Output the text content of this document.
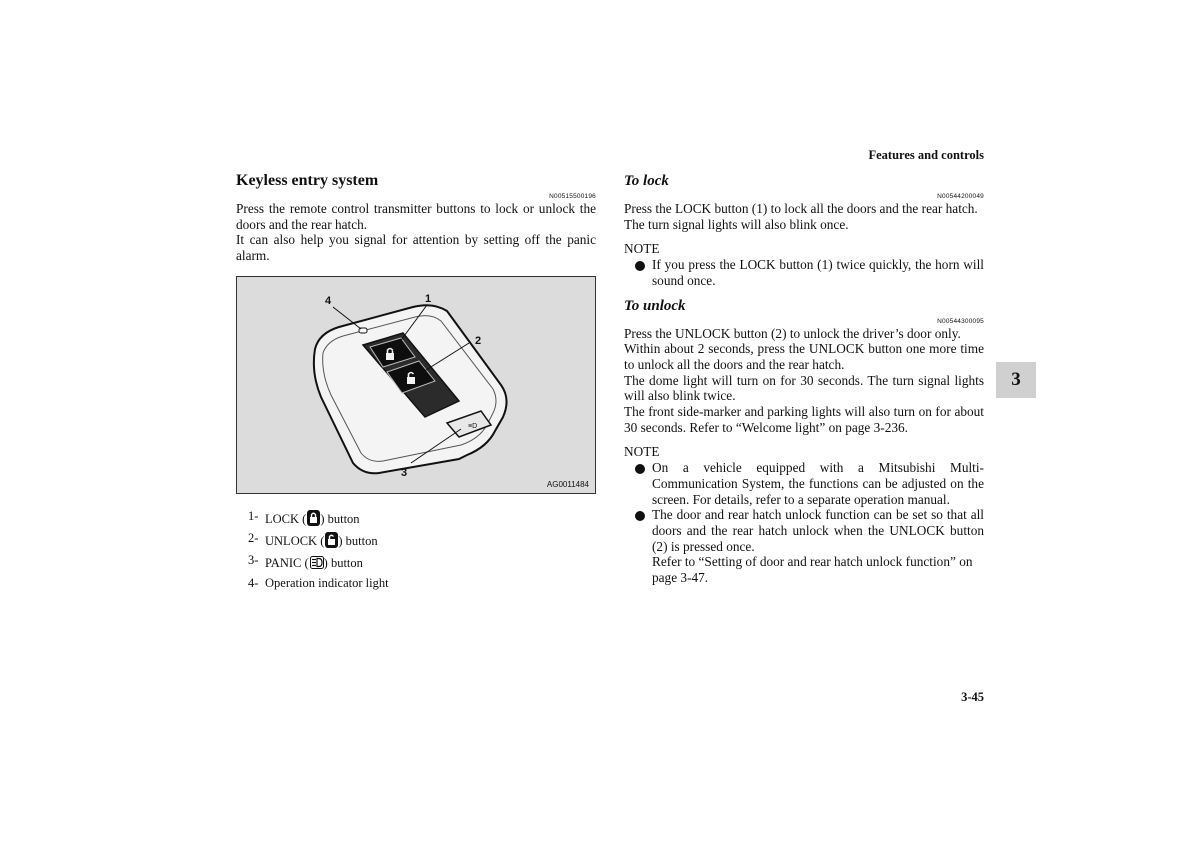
Features and controls
Keyless entry system
N00515500196

Press the remote control transmitter buttons to lock or unlock the doors and the rear hatch.

It can also help you signal for attention by setting off the panic alarm.

≡D
4	1
2
3
AG0011484
1- LOCK ( ) button
2- UNLOCK ( ) button
3- PANIC ( ) button
4- Operation indicator light
To lock
N00544200049

Press the LOCK button (1) to lock all the doors and the rear hatch.

The turn signal lights will also blink once.

NOTE

If you press the LOCK button (1) twice quickly, the horn will sound once.
To unlock
N00544300095

Press the UNLOCK button (2) to unlock the driver’s door only.

Within about 2 seconds, press the UNLOCK button one more time to unlock all the doors and the rear hatch.

The dome light will turn on for 30 seconds. The turn signal lights will also blink twice.

The front side-marker and parking lights will also turn on for about 30 seconds. Refer to “Welcome light” on page 3-236.

NOTE

On a vehicle equipped with a Mitsubishi Multi-Communication System, the functions can be adjusted on the screen. For details, refer to a separate operation manual.
The door and rear hatch unlock function can be set so that all doors and the rear hatch unlock when the UNLOCK button (2) is pressed once.
Refer to “Setting of door and rear hatch unlock function” on page 3-47.
3
3-45
